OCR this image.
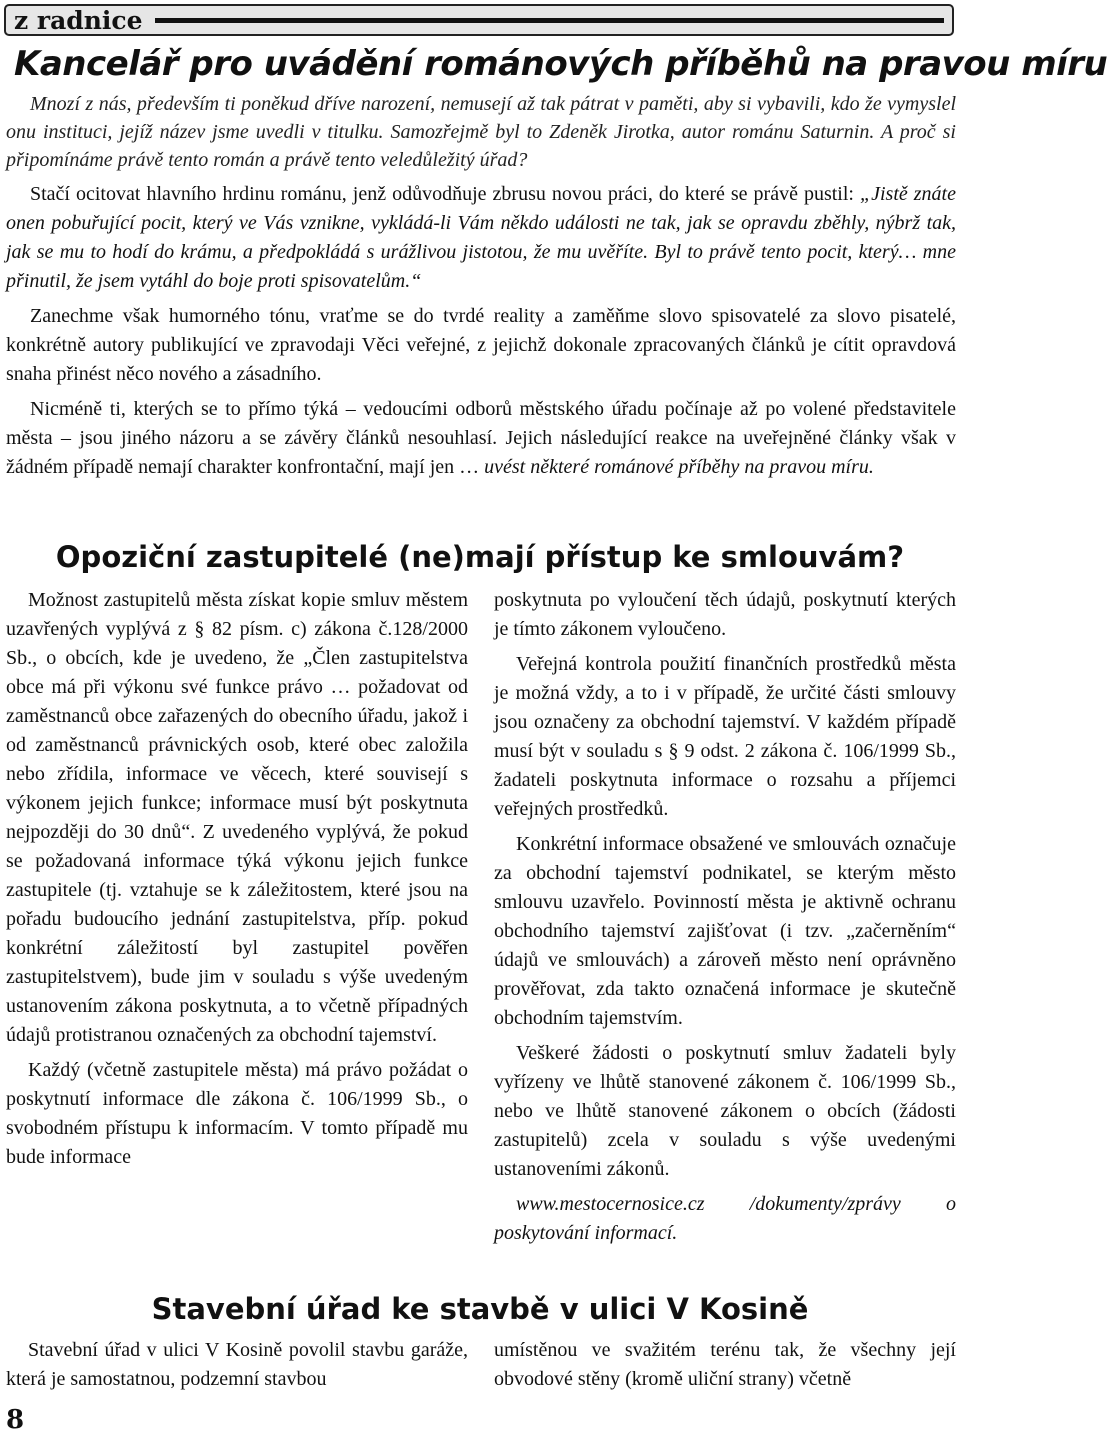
z radnice
Kancelář pro uvádění románových příběhů na pravou míru

Mnozí z nás, především ti poněkud dříve narození, nemusejí až tak pátrat v paměti, aby si vybavili, kdo že vymyslel onu instituci, jejíž název jsme uvedli v titulku. Samozřejmě byl to Zdeněk Jirotka, autor románu Saturnin. A proč si připomínáme právě tento román a právě tento veledůležitý úřad?

Stačí ocitovat hlavního hrdinu románu, jenž odůvodňuje zbrusu novou práci, do které se právě pustil: „Jistě znáte onen pobuřující pocit, který ve Vás vznikne, vykládá-li Vám někdo události ne tak, jak se opravdu zběhly, nýbrž tak, jak se mu to hodí do krámu, a předpokládá s urážlivou jistotou, že mu uvěříte. Byl to právě tento pocit, který… mne přinutil, že jsem vytáhl do boje proti spisovatelům.“

Zanechme však humorného tónu, vraťme se do tvrdé reality a zaměňme slovo spisovatelé za slovo pisatelé, konkrétně autory publikující ve zpravodaji Věci veřejné, z jejichž dokonale zpracovaných článků je cítit opravdová snaha přinést něco nového a zásadního.

Nicméně ti, kterých se to přímo týká – vedoucími odborů městského úřadu počínaje až po volené představitele města – jsou jiného názoru a se závěry článků nesouhlasí. Jejich následující reakce na uveřejněné články však v žádném případě nemají charakter konfrontační, mají jen … uvést některé románové příběhy na pravou míru.

Opoziční zastupitelé (ne)mají přístup ke smlouvám?

Možnost zastupitelů města získat kopie smluv městem uzavřených vyplývá z § 82 písm. c) zákona č.128/2000 Sb., o obcích, kde je uvedeno, že „Člen zastupitelstva obce má při výkonu své funkce právo … požadovat od zaměstnanců obce zařazených do obecního úřadu, jakož i od zaměstnanců právnických osob, které obec založila nebo zřídila, informace ve věcech, které souvisejí s výkonem jejich funkce; informace musí být poskytnuta nejpozději do 30 dnů“. Z uvedeného vyplývá, že pokud se požadovaná informace týká výkonu jejich funkce zastupitele (tj. vztahuje se k záležitostem, které jsou na pořadu budoucího jednání zastupitelstva, příp. pokud konkrétní záležitostí byl zastupitel pověřen zastupitelstvem), bude jim v souladu s výše uvedeným ustanovením zákona poskytnuta, a to včetně případných údajů protistranou označených za obchodní tajemství.

Každý (včetně zastupitele města) má právo požádat o poskytnutí informace dle zákona č. 106/1999 Sb., o svobodném přístupu k informacím. V tomto případě mu bude informace

poskytnuta po vyloučení těch údajů, poskytnutí kterých je tímto zákonem vyloučeno.

Veřejná kontrola použití finančních prostředků města je možná vždy, a to i v případě, že určité části smlouvy jsou označeny za obchodní tajemství. V každém případě musí být v souladu s § 9 odst. 2 zákona č. 106/1999 Sb., žadateli poskytnuta informace o rozsahu a příjemci veřejných prostředků.

Konkrétní informace obsažené ve smlouvách označuje za obchodní tajemství podnikatel, se kterým město smlouvu uzavřelo. Povinností města je aktivně ochranu obchodního tajemství zajišťovat (i tzv. „začerněním“ údajů ve smlouvách) a zároveň město není oprávněno prověřovat, zda takto označená informace je skutečně obchodním tajemstvím.

Veškeré žádosti o poskytnutí smluv žadateli byly vyřízeny ve lhůtě stanovené zákonem č. 106/1999 Sb., nebo ve lhůtě stanovené zákonem o obcích (žádosti zastupitelů) zcela v souladu s výše uvedenými ustanoveními zákonů.

www.mestocernosice.cz /dokumenty/zprávy o poskytování informací.

Stavební úřad ke stavbě v ulici V Kosině

Stavební úřad v ulici V Kosině povolil stavbu garáže, která je samostatnou, podzemní stavbou

umístěnou ve svažitém terénu tak, že všechny její obvodové stěny (kromě uliční strany) včetně

8
